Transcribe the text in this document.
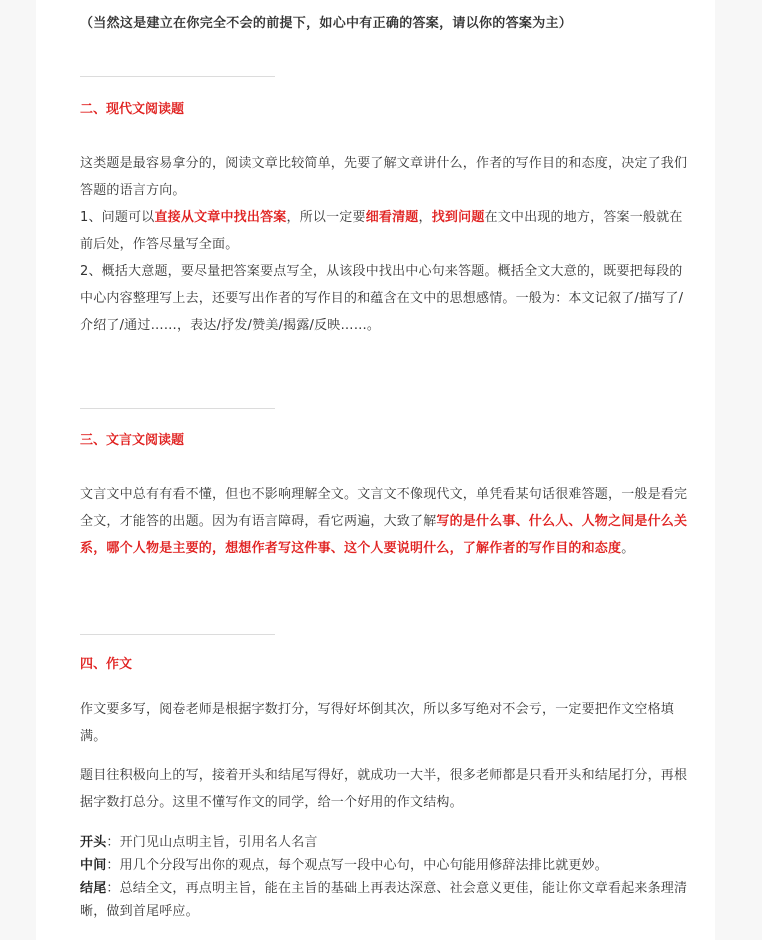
（当然这是建立在你完全不会的前提下，如心中有正确的答案，请以你的答案为主）
二、现代文阅读题
这类题是最容易拿分的，阅读文章比较简单，先要了解文章讲什么，作者的写作目的和态度，决定了我们答题的语言方向。
1、问题可以直接从文章中找出答案，所以一定要细看清题，找到问题在文中出现的地方，答案一般就在前后处，作答尽量写全面。
2、概括大意题，要尽量把答案要点写全，从该段中找出中心句来答题。概括全文大意的，既要把每段的中心内容整理写上去，还要写出作者的写作目的和蕴含在文中的思想感情。一般为：本文记叙了/描写了/介绍了/通过……，表达/抒发/赞美/揭露/反映……。
三、文言文阅读题
文言文中总有有看不懂，但也不影响理解全文。文言文不像现代文，单凭看某句话很难答题，一般是看完全文，才能答的出题。因为有语言障碍，看它两遍，大致了解写的是什么事、什么人、人物之间是什么关系，哪个人物是主要的，想想作者写这件事、这个人要说明什么，了解作者的写作目的和态度。
四、作文
作文要多写，阅卷老师是根据字数打分，写得好坏倒其次，所以多写绝对不会亏，一定要把作文空格填满。
题目往积极向上的写，接着开头和结尾写得好，就成功一大半，很多老师都是只看开头和结尾打分，再根据字数打总分。这里不懂写作文的同学，给一个好用的作文结构。
开头：开门见山点明主旨，引用名人名言
中间：用几个分段写出你的观点，每个观点写一段中心句，中心句能用修辞法排比就更妙。
结尾：总结全文，再点明主旨，能在主旨的基础上再表达深意、社会意义更佳，能让你文章看起来条理清晰，做到首尾呼应。
